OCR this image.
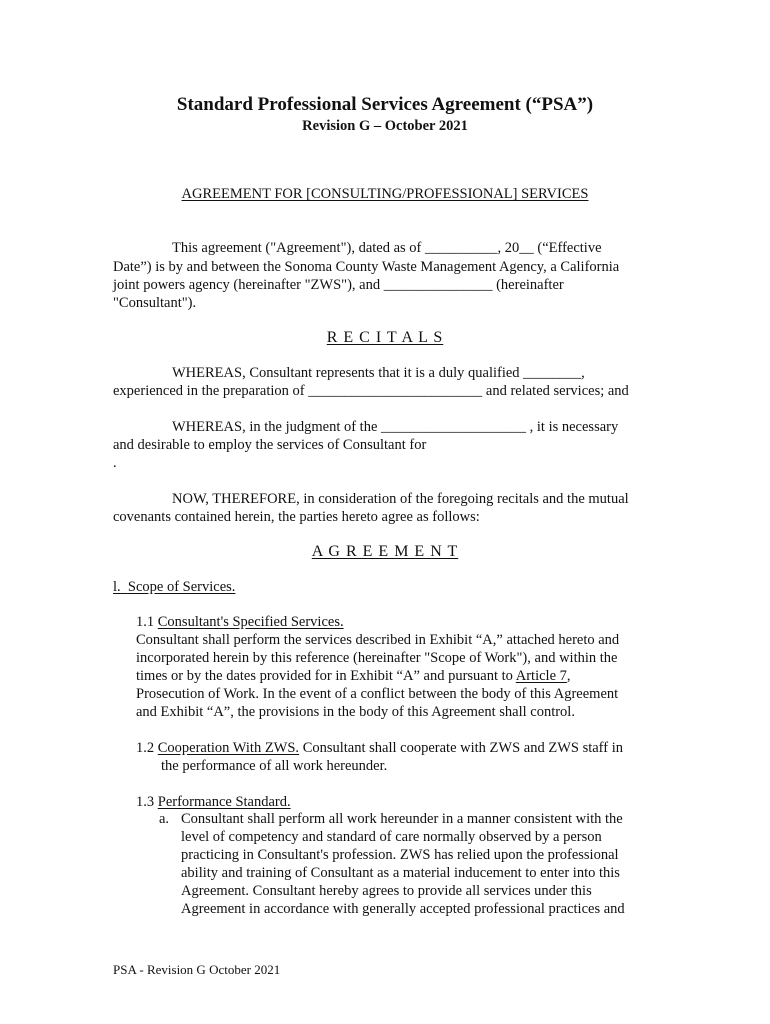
Standard Professional Services Agreement (“PSA”)
Revision G – October 2021
AGREEMENT FOR [CONSULTING/PROFESSIONAL] SERVICES
This agreement ("Agreement"), dated as of __________, 20__ (“Effective
Date”) is by and between the Sonoma County Waste Management Agency, a California
joint powers agency (hereinafter "ZWS"), and _______________ (hereinafter
"Consultant").
R E C I T A L S
WHEREAS, Consultant represents that it is a duly qualified ________,
experienced in the preparation of ________________________ and related services; and
WHEREAS, in the judgment of the ____________________ , it is necessary
and desirable to employ the services of Consultant for
.
NOW, THEREFORE, in consideration of the foregoing recitals and the mutual
covenants contained herein, the parties hereto agree as follows:
A G R E E M E N T
l. Scope of Services.
1.1 Consultant's Specified Services.
Consultant shall perform the services described in Exhibit “A,” attached hereto and
incorporated herein by this reference (hereinafter "Scope of Work"), and within the
times or by the dates provided for in Exhibit “A” and pursuant to Article 7,
Prosecution of Work. In the event of a conflict between the body of this Agreement
and Exhibit “A”, the provisions in the body of this Agreement shall control.
1.2 Cooperation With ZWS. Consultant shall cooperate with ZWS and ZWS staff in
the performance of all work hereunder.
1.3 Performance Standard.
a. Consultant shall perform all work hereunder in a manner consistent with the
level of competency and standard of care normally observed by a person
practicing in Consultant's profession. ZWS has relied upon the professional
ability and training of Consultant as a material inducement to enter into this
Agreement. Consultant hereby agrees to provide all services under this
Agreement in accordance with generally accepted professional practices and
PSA - Revision G October 2021
